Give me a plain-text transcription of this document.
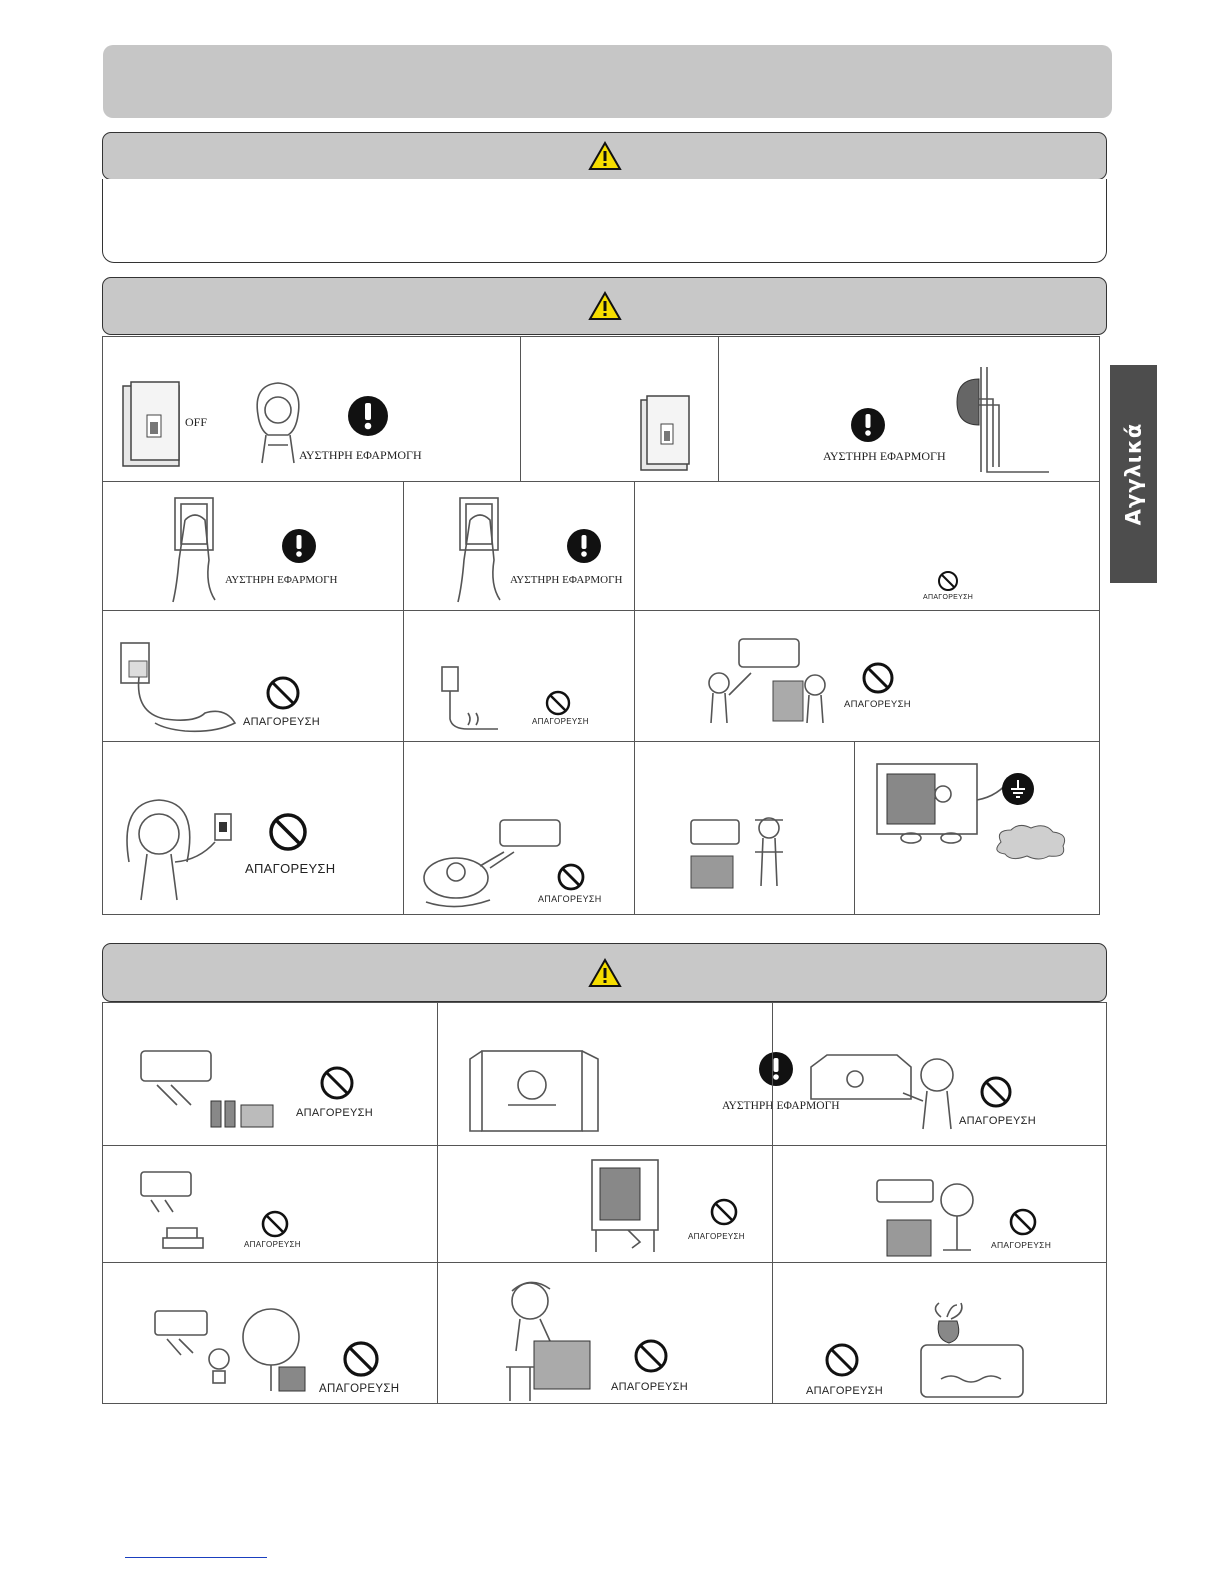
OFF
ΑΥΣΤΗΡΗ ΕΦΑΡΜΟΓΗ	ΑΥΣΤΗΡΗ ΕΦΑΡΜΟΓΗ
ΑΥΣΤΗΡΗ ΕΦΑΡΜΟΓΗ	ΑΥΣΤΗΡΗ ΕΦΑΡΜΟΓΗ
ΑΠΑΓΟΡΕΥΣΗ
ΑΠΑΓΟΡΕΥΣΗ	ΑΠΑΓΟΡΕΥΣΗ
ΑΠΑΓΟΡΕΥΣΗ
ΑΠΑΓΟΡΕΥΣΗ
ΑΠΑΓΟΡΕΥΣΗ
ΑΠΑΓΟΡΕΥΣΗ
ΑΥΣΤΗΡΗ ΕΦΑΡΜΟΓΗ
ΑΠΑΓΟΡΕΥΣΗ
ΑΠΑΓΟΡΕΥΣΗ
ΑΠΑΓΟΡΕΥΣΗ
ΑΠΑΓΟΡΕΥΣΗ
ΑΠΑΓΟΡΕΥΣΗ	ΑΠΑΓΟΡΕΥΣΗ	ΑΠΑΓΟΡΕΥΣΗ
Αγγλικά
